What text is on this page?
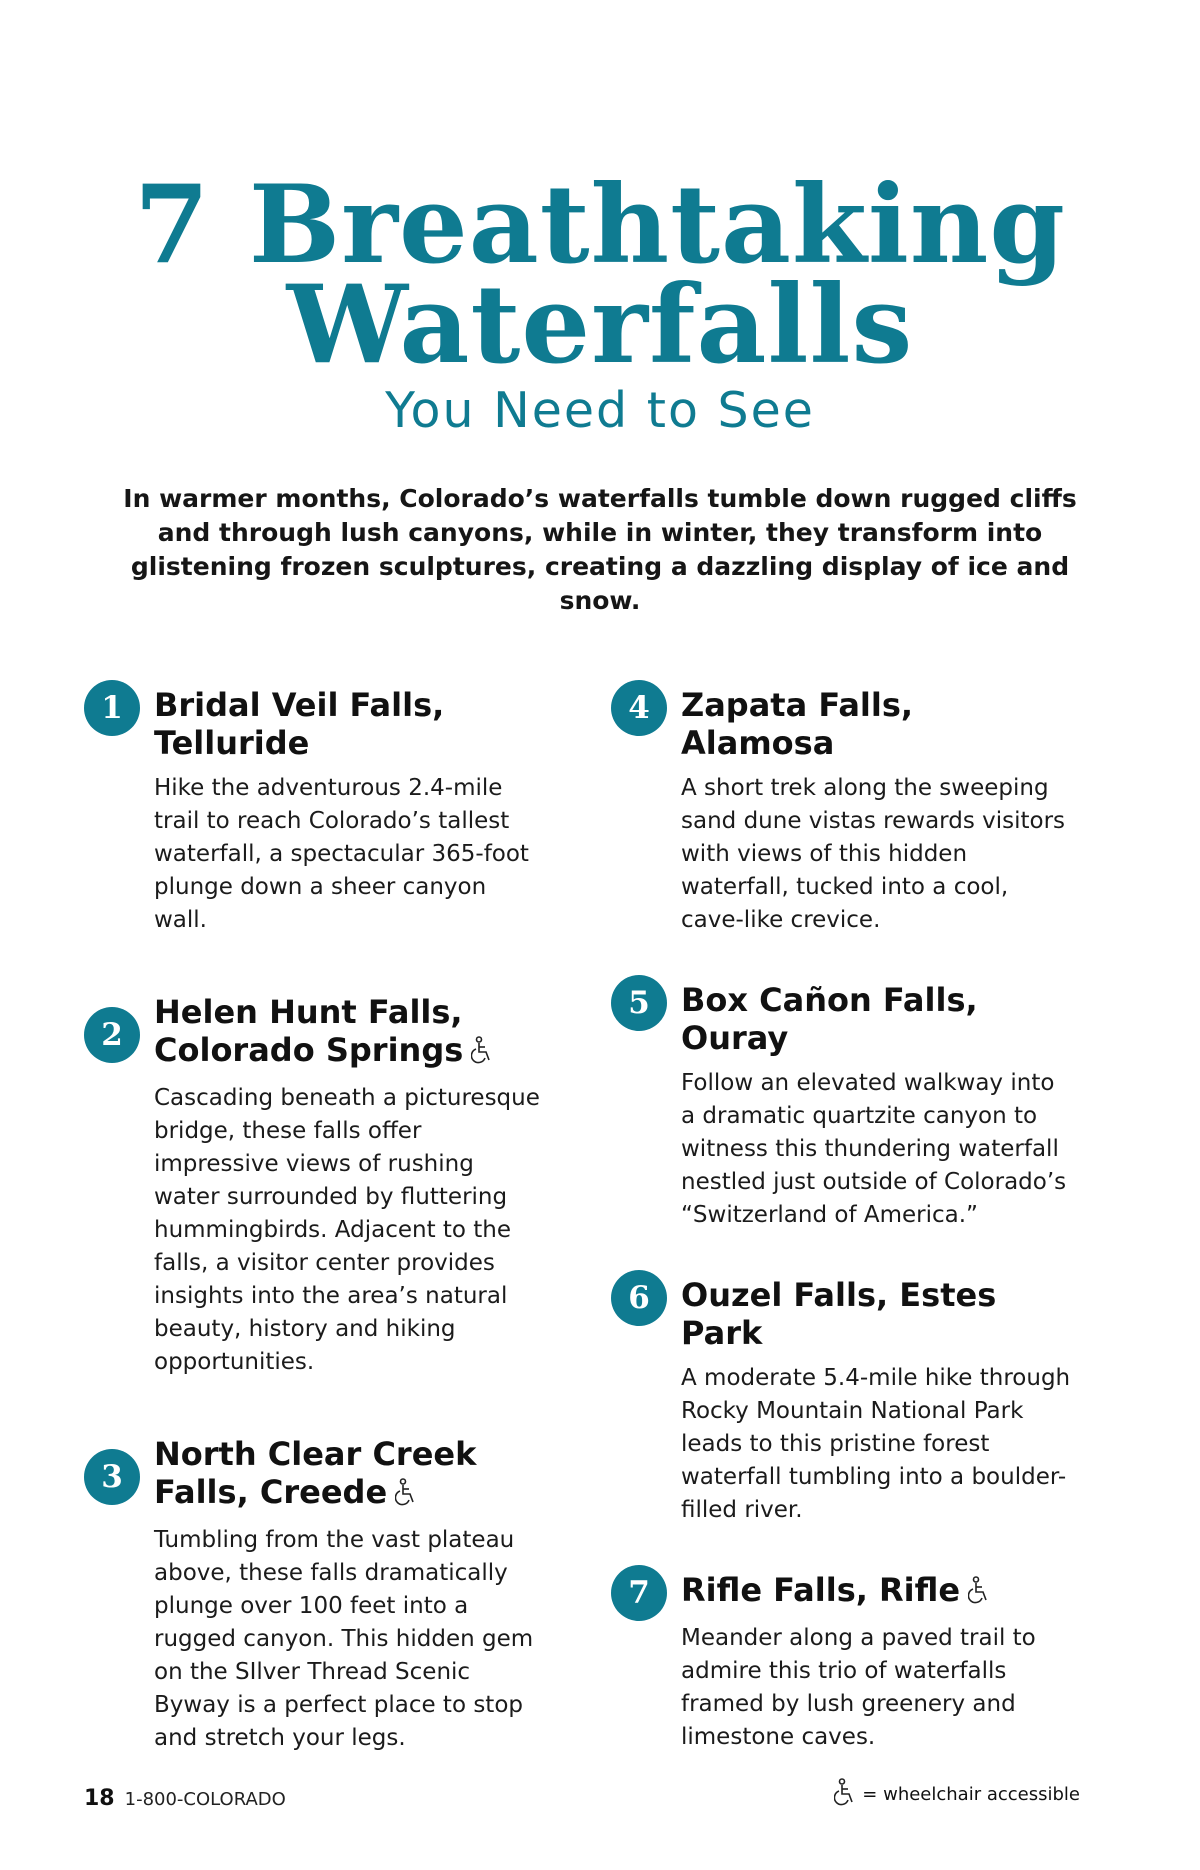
7 Breathtaking
Waterfalls
You Need to See
In warmer months, Colorado’s waterfalls tumble down rugged cliffs and through lush canyons, while in winter, they transform into glistening frozen sculptures, creating a dazzling display of ice and snow.
1 Bridal Veil Falls, Telluride
Hike the adventurous 2.4-mile trail to reach Colorado’s tallest waterfall, a spectacular 365-foot plunge down a sheer canyon wall.
2
Helen Hunt Falls,
Colorado Springs
Cascading beneath a picturesque bridge, these falls offer impressive views of rushing water surrounded by fluttering hummingbirds. Adjacent to the falls, a visitor center provides insights into the area’s natural beauty, history and hiking opportunities.
3
North Clear Creek
Falls, Creede
Tumbling from the vast plateau above, these falls dramatically plunge over 100 feet into a rugged canyon. This hidden gem on the SIlver Thread Scenic Byway is a perfect place to stop and stretch your legs.
4 Zapata Falls, Alamosa
A short trek along the sweeping sand dune vistas rewards visitors with views of this hidden waterfall, tucked into a cool, cave-like crevice.
5 Box Cañon Falls, Ouray
Follow an elevated walkway into a dramatic quartzite canyon to witness this thundering waterfall nestled just outside of Colorado’s “Switzerland of America.”
6 Ouzel Falls, Estes Park
A moderate 5.4-mile hike through Rocky Mountain National Park leads to this pristine forest waterfall tumbling into a boulder-filled river.
7 Rifle Falls, Rifle
Meander along a paved trail to admire this trio of waterfalls framed by lush greenery and limestone caves.
18 1-800-COLORADO	= wheelchair accessible
